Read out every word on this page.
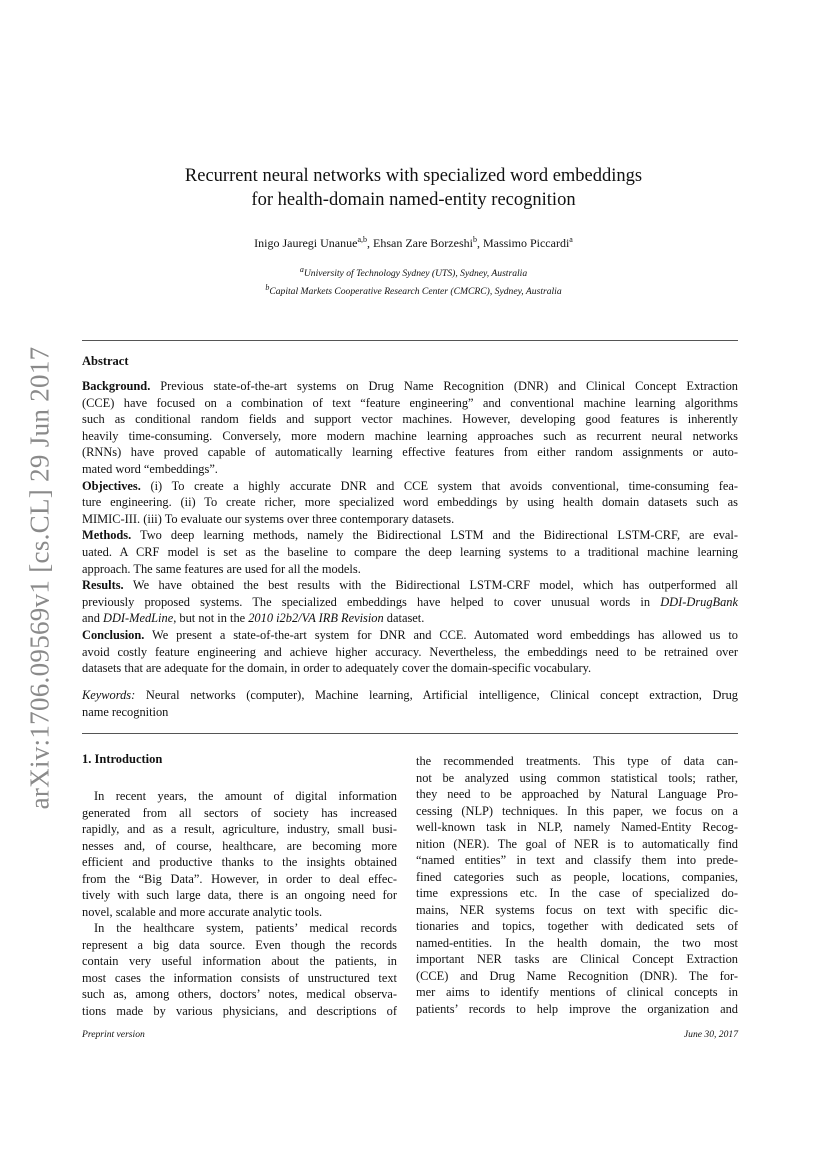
arXiv:1706.09569v1 [cs.CL] 29 Jun 2017
Recurrent neural networks with specialized word embeddings
for health-domain named-entity recognition
Inigo Jauregi Unanue$^{a,b}$, Ehsan Zare Borzeshi$^b$, Massimo Piccardi$^a$
$^a$University of Technology Sydney (UTS), Sydney, Australia
$^b$Capital Markets Cooperative Research Center (CMCRC), Sydney, Australia
Abstract
Background. Previous state-of-the-art systems on Drug Name Recognition (DNR) and Clinical Concept Extraction
(CCE) have focused on a combination of text “feature engineering” and conventional machine learning algorithms
such as conditional random fields and support vector machines. However, developing good features is inherently
heavily time-consuming. Conversely, more modern machine learning approaches such as recurrent neural networks
(RNNs) have proved capable of automatically learning effective features from either random assignments or auto-
mated word “embeddings”.
Objectives. (i) To create a highly accurate DNR and CCE system that avoids conventional, time-consuming fea-
ture engineering. (ii) To create richer, more specialized word embeddings by using health domain datasets such as
MIMIC-III. (iii) To evaluate our systems over three contemporary datasets.
Methods. Two deep learning methods, namely the Bidirectional LSTM and the Bidirectional LSTM-CRF, are eval-
uated. A CRF model is set as the baseline to compare the deep learning systems to a traditional machine learning
approach. The same features are used for all the models.
Results. We have obtained the best results with the Bidirectional LSTM-CRF model, which has outperformed all
previously proposed systems. The specialized embeddings have helped to cover unusual words in DDI-DrugBank
and DDI-MedLine, but not in the 2010 i2b2/VA IRB Revision dataset.
Conclusion. We present a state-of-the-art system for DNR and CCE. Automated word embeddings has allowed us to
avoid costly feature engineering and achieve higher accuracy. Nevertheless, the embeddings need to be retrained over
datasets that are adequate for the domain, in order to adequately cover the domain-specific vocabulary.
Keywords: Neural networks (computer), Machine learning, Artificial intelligence, Clinical concept extraction, Drug
name recognition
1. Introduction
In recent years, the amount of digital information
generated from all sectors of society has increased
rapidly, and as a result, agriculture, industry, small busi-
nesses and, of course, healthcare, are becoming more
efficient and productive thanks to the insights obtained
from the “Big Data”. However, in order to deal effec-
tively with such large data, there is an ongoing need for
novel, scalable and more accurate analytic tools.
In the healthcare system, patients’ medical records
represent a big data source. Even though the records
contain very useful information about the patients, in
most cases the information consists of unstructured text
such as, among others, doctors’ notes, medical observa-
tions made by various physicians, and descriptions of
the recommended treatments. This type of data can-
not be analyzed using common statistical tools; rather,
they need to be approached by Natural Language Pro-
cessing (NLP) techniques. In this paper, we focus on a
well-known task in NLP, namely Named-Entity Recog-
nition (NER). The goal of NER is to automatically find
“named entities” in text and classify them into prede-
fined categories such as people, locations, companies,
time expressions etc. In the case of specialized do-
mains, NER systems focus on text with specific dic-
tionaries and topics, together with dedicated sets of
named-entities. In the health domain, the two most
important NER tasks are Clinical Concept Extraction
(CCE) and Drug Name Recognition (DNR). The for-
mer aims to identify mentions of clinical concepts in
patients’ records to help improve the organization and
Preprint version	June 30, 2017
